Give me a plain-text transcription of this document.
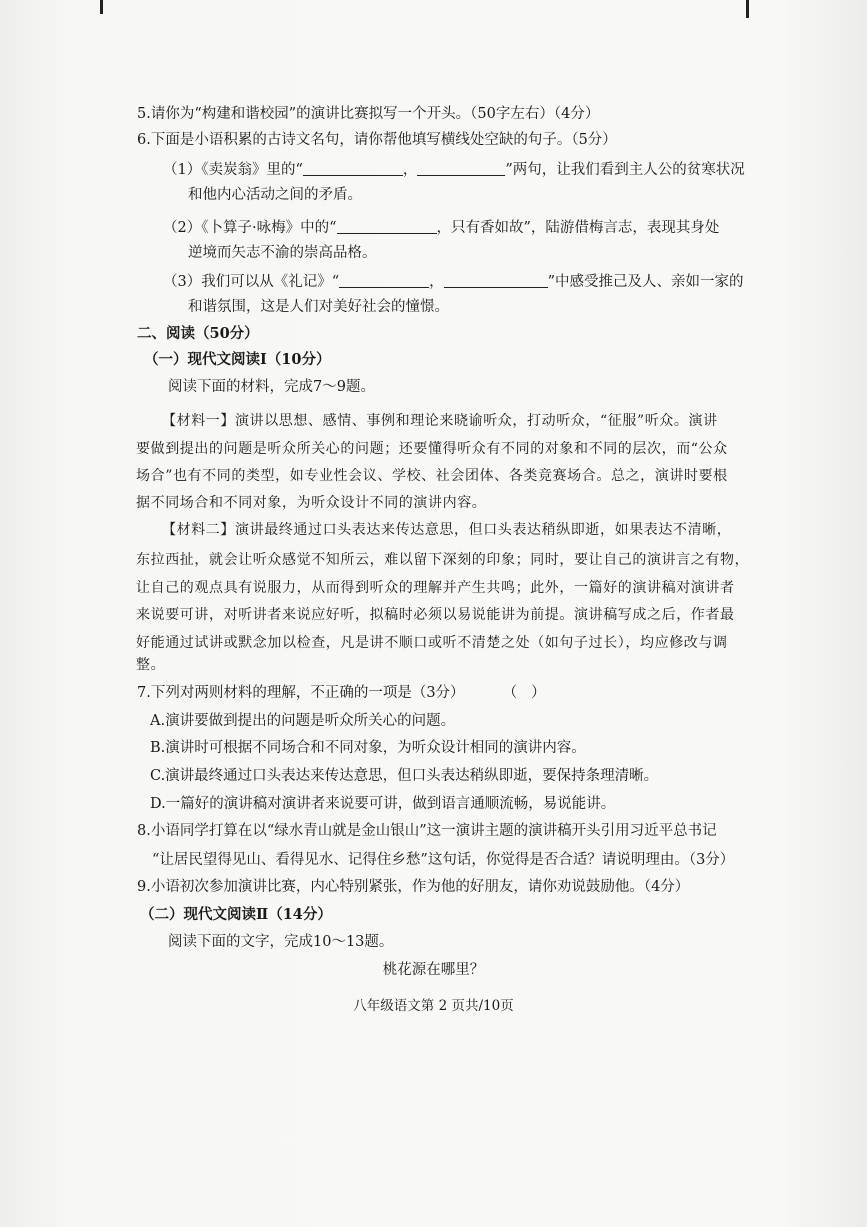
5.请你为“构建和谐校园”的演讲比赛拟写一个开头。（50字左右）（4分）
6.下面是小语积累的古诗文名句，请你帮他填写横线处空缺的句子。（5分）
（1）《卖炭翁》里的“	，	”两句，让我们看到主人公的贫寒状况
和他内心活动之间的矛盾。
（2）《卜算子·咏梅》中的“	，只有香如故”，陆游借梅言志，表现其身处
逆境而矢志不渝的崇高品格。
（3）我们可以从《礼记》“	，	”中感受推己及人、亲如一家的
和谐氛围，这是人们对美好社会的憧憬。
二、阅读（50分）
（一）现代文阅读Ⅰ（10分）
阅读下面的材料，完成7～9题。
【材料一】演讲以思想、感情、事例和理论来晓谕听众，打动听众，“征服”听众。演讲
要做到提出的问题是听众所关心的问题；还要懂得听众有不同的对象和不同的层次，而“公众
场合”也有不同的类型，如专业性会议、学校、社会团体、各类竞赛场合。总之，演讲时要根
据不同场合和不同对象，为听众设计不同的演讲内容。
【材料二】演讲最终通过口头表达来传达意思，但口头表达稍纵即逝，如果表达不清晰，
东拉西扯，就会让听众感觉不知所云，难以留下深刻的印象；同时，要让自己的演讲言之有物，
让自己的观点具有说服力，从而得到听众的理解并产生共鸣；此外，一篇好的演讲稿对演讲者
来说要可讲，对听讲者来说应好听，拟稿时必须以易说能讲为前提。演讲稿写成之后，作者最
好能通过试讲或默念加以检查，凡是讲不顺口或听不清楚之处（如句子过长），均应修改与调
整。
7.下列对两则材料的理解，不正确的一项是（3分）	（ ）
A.演讲要做到提出的问题是听众所关心的问题。
B.演讲时可根据不同场合和不同对象，为听众设计相同的演讲内容。
C.演讲最终通过口头表达来传达意思，但口头表达稍纵即逝，要保持条理清晰。
D.一篇好的演讲稿对演讲者来说要可讲，做到语言通顺流畅，易说能讲。
8.小语同学打算在以“绿水青山就是金山银山”这一演讲主题的演讲稿开头引用习近平总书记
“让居民望得见山、看得见水、记得住乡愁”这句话，你觉得是否合适？请说明理由。（3分）
9.小语初次参加演讲比赛，内心特别紧张，作为他的好朋友，请你劝说鼓励他。（4分）
（二）现代文阅读Ⅱ（14分）
阅读下面的文字，完成10～13题。
桃花源在哪里？
八年级语文第 2 页共/10页
